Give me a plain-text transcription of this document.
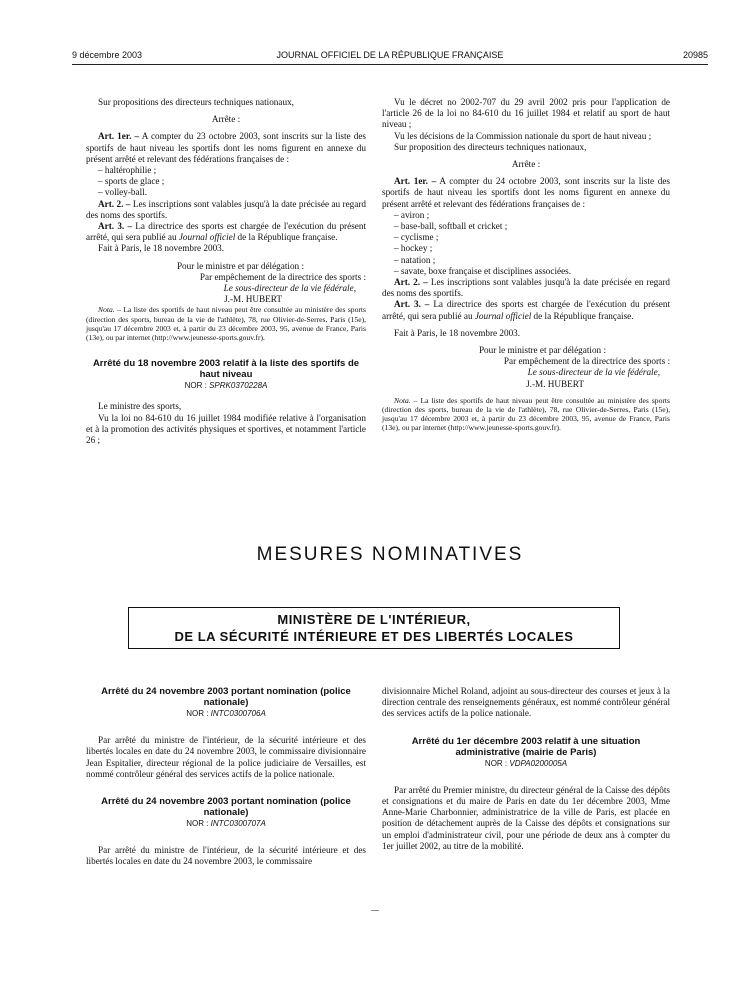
9 décembre 2003	JOURNAL OFFICIEL DE LA RÉPUBLIQUE FRANÇAISE	20985

Sur propositions des directeurs techniques nationaux,

Arrête :

Art. 1er. – A compter du 23 octobre 2003, sont inscrits sur la liste des sportifs de haut niveau les sportifs dont les noms figurent en annexe du présent arrêté et relevant des fédérations françaises de :

– haltérophilie ;

– sports de glace ;

– volley-ball.

Art. 2. – Les inscriptions sont valables jusqu'à la date précisée au regard des noms des sportifs.

Art. 3. – La directrice des sports est chargée de l'exécution du présent arrêté, qui sera publié au Journal officiel de la République française.

Fait à Paris, le 18 novembre 2003.

Pour le ministre et par délégation :

Par empêchement de la directrice des sports :

Le sous-directeur de la vie fédérale,

J.-M. HUBERT

Nota. – La liste des sportifs de haut niveau peut être consultée au ministère des sports (direction des sports, bureau de la vie de l'athlète), 78, rue Olivier-de-Serres, Paris (15e), jusqu'au 17 décembre 2003 et, à partir du 23 décembre 2003, 95, avenue de France, Paris (13e), ou par internet (http://www.jeunesse-sports.gouv.fr).

Arrêté du 18 novembre 2003 relatif à la liste des sportifs de haut niveau

NOR : SPRK0370228A

Le ministre des sports,

Vu la loi no 84-610 du 16 juillet 1984 modifiée relative à l'organisation et à la promotion des activités physiques et sportives, et notamment l'article 26 ;

Vu le décret no 2002-707 du 29 avril 2002 pris pour l'application de l'article 26 de la loi no 84-610 du 16 juillet 1984 et relatif au sport de haut niveau ;

Vu les décisions de la Commission nationale du sport de haut niveau ;

Sur proposition des directeurs techniques nationaux,

Arrête :

Art. 1er. – A compter du 24 octobre 2003, sont inscrits sur la liste des sportifs de haut niveau les sportifs dont les noms figurent en annexe du présent arrêté et relevant des fédérations françaises de :

– aviron ;

– base-ball, softball et cricket ;

– cyclisme ;

– hockey ;

– natation ;

– savate, boxe française et disciplines associées.

Art. 2. – Les inscriptions sont valables jusqu'à la date précisée en regard des noms des sportifs.

Art. 3. – La directrice des sports est chargée de l'exécution du présent arrêté, qui sera publié au Journal officiel de la République française.

Fait à Paris, le 18 novembre 2003.

Pour le ministre et par délégation :

Par empêchement de la directrice des sports :

Le sous-directeur de la vie fédérale,

J.-M. HUBERT

Nota. – La liste des sportifs de haut niveau peut être consultée au ministère des sports (direction des sports, bureau de la vie de l'athlète), 78, rue Olivier-de-Serres, Paris (15e), jusqu'au 17 décembre 2003 et, à partir du 23 décembre 2003, 95, avenue de France, Paris (13e), ou par internet (http://www.jeunesse-sports.gouv.fr).

MESURES NOMINATIVES
MINISTÈRE DE L'INTÉRIEUR,
DE LA SÉCURITÉ INTÉRIEURE ET DES LIBERTÉS LOCALES

Arrêté du 24 novembre 2003 portant nomination (police nationale)

NOR : INTC0300706A

Par arrêté du ministre de l'intérieur, de la sécurité intérieure et des libertés locales en date du 24 novembre 2003, le commissaire divisionnaire Jean Espitalier, directeur régional de la police judiciaire de Versailles, est nommé contrôleur général des services actifs de la police nationale.

Arrêté du 24 novembre 2003 portant nomination (police nationale)

NOR : INTC0300707A

Par arrêté du ministre de l'intérieur, de la sécurité intérieure et des libertés locales en date du 24 novembre 2003, le commissaire

divisionnaire Michel Roland, adjoint au sous-directeur des courses et jeux à la direction centrale des renseignements généraux, est nommé contrôleur général des services actifs de la police nationale.

Arrêté du 1er décembre 2003 relatif à une situation administrative (mairie de Paris)

NOR : VDPA0200005A

Par arrêté du Premier ministre, du directeur général de la Caisse des dépôts et consignations et du maire de Paris en date du 1er décembre 2003, Mme Anne-Marie Charbonnier, administratrice de la ville de Paris, est placée en position de détachement auprès de la Caisse des dépôts et consignations sur un emploi d'administrateur civil, pour une période de deux ans à compter du 1er juillet 2002, au titre de la mobilité.
